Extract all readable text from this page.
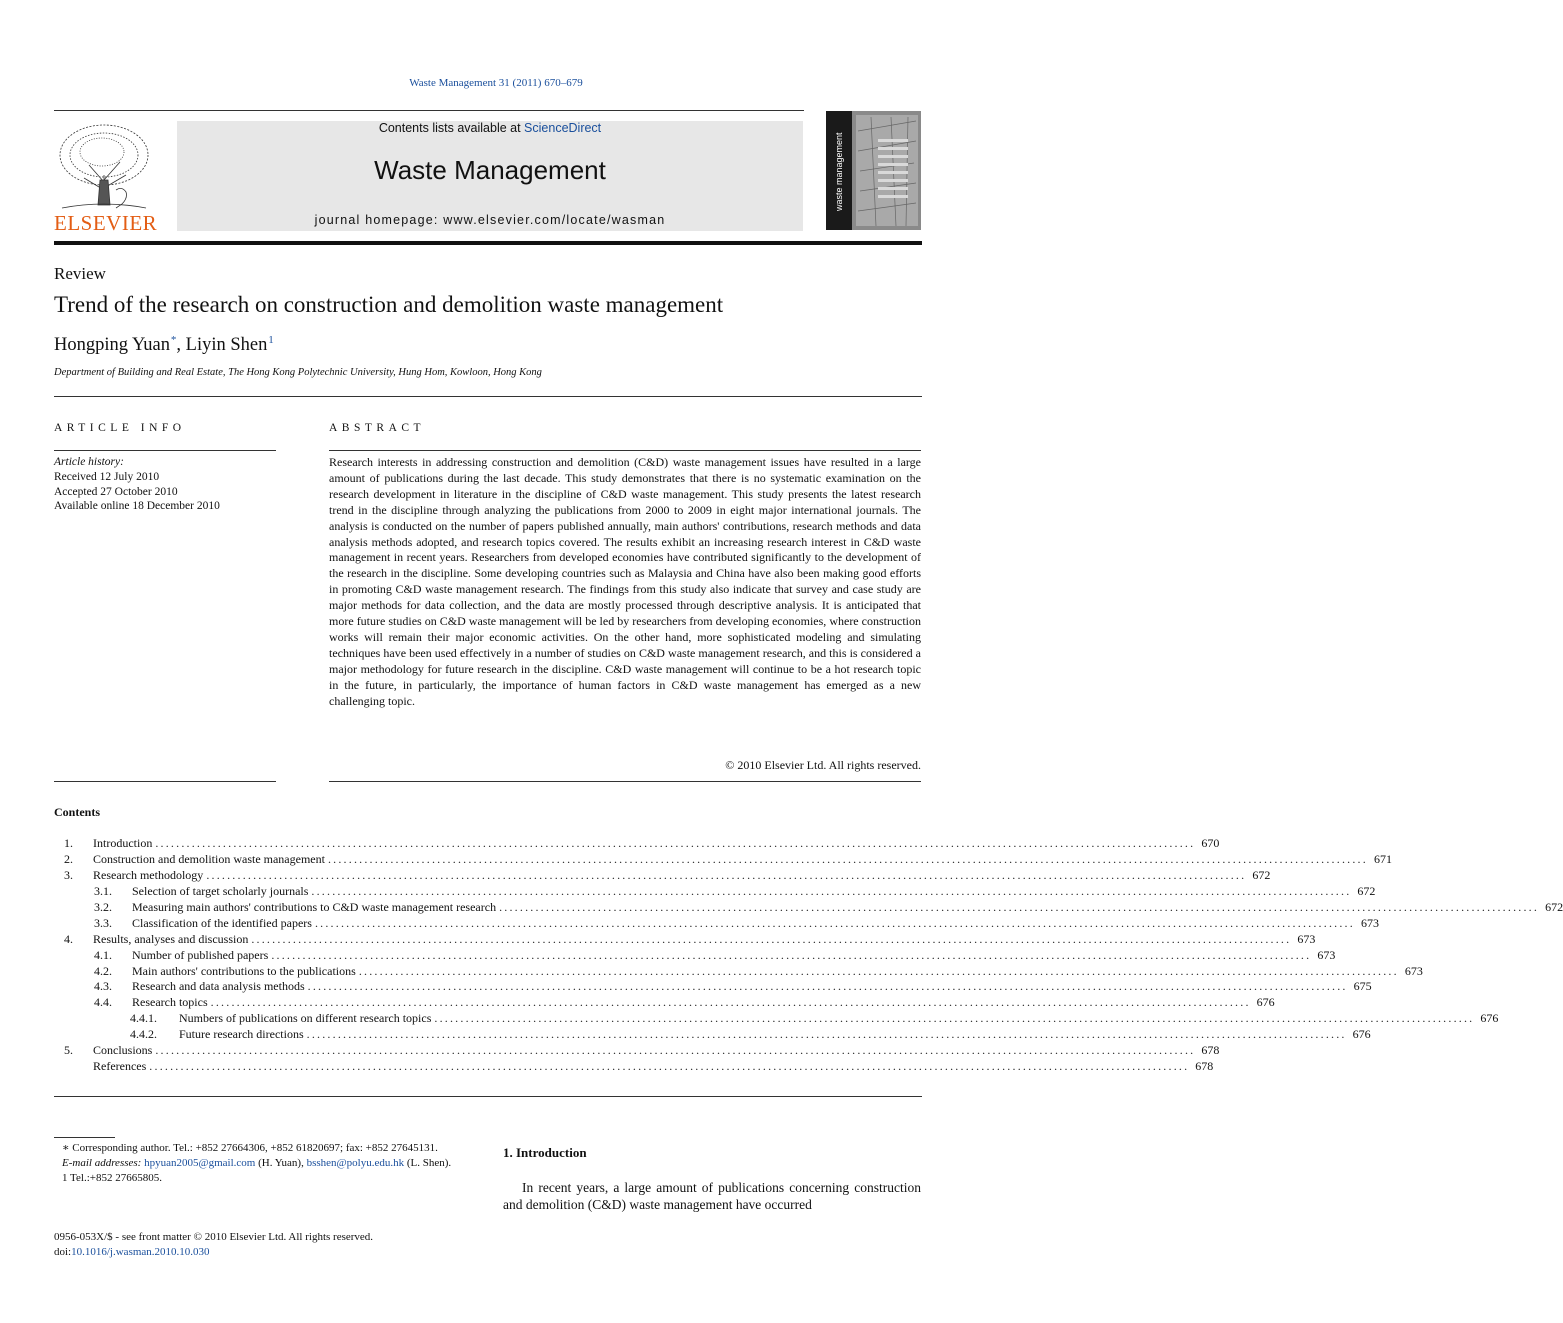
Waste Management 31 (2011) 670–679
ELSEVIER
Contents lists available at ScienceDirect
Waste Management
journal homepage: www.elsevier.com/locate/wasman
waste management
Review
Trend of the research on construction and demolition waste management
Hongping Yuan *, Liyin Shen $^1$
Department of Building and Real Estate, The Hong Kong Polytechnic University, Hung Hom, Kowloon, Hong Kong
ARTICLE INFO
Article history:
Received 12 July 2010
Accepted 27 October 2010
Available online 18 December 2010
ABSTRACT
Research interests in addressing construction and demolition (C&D) waste management issues have resulted in a large amount of publications during the last decade. This study demonstrates that there is no systematic examination on the research development in literature in the discipline of C&D waste management. This study presents the latest research trend in the discipline through analyzing the publications from 2000 to 2009 in eight major international journals. The analysis is conducted on the number of papers published annually, main authors' contributions, research methods and data analysis methods adopted, and research topics covered. The results exhibit an increasing research interest in C&D waste management in recent years. Researchers from developed economies have contributed significantly to the development of the research in the discipline. Some developing countries such as Malaysia and China have also been making good efforts in promoting C&D waste management research. The findings from this study also indicate that survey and case study are major methods for data collection, and the data are mostly processed through descriptive analysis. It is anticipated that more future studies on C&D waste management will be led by researchers from developing economies, where construction works will remain their major economic activities. On the other hand, more sophisticated modeling and simulating techniques have been used effectively in a number of studies on C&D waste management research, and this is considered a major methodology for future research in the discipline. C&D waste management will continue to be a hot research topic in the future, in particularly, the importance of human factors in C&D waste management has emerged as a new challenging topic.
© 2010 Elsevier Ltd. All rights reserved.
Contents
1. Introduction ........................................................................................................................................................................................................ 670
2. Construction and demolition waste management ........................................................................................................................................................................................................ 671
3. Research methodology ........................................................................................................................................................................................................ 672
3.1. Selection of target scholarly journals ........................................................................................................................................................................................................ 672
3.2. Measuring main authors' contributions to C&D waste management research ........................................................................................................................................................................................................ 672
3.3. Classification of the identified papers ........................................................................................................................................................................................................ 673
4. Results, analyses and discussion ........................................................................................................................................................................................................ 673
4.1. Number of published papers ........................................................................................................................................................................................................ 673
4.2. Main authors' contributions to the publications ........................................................................................................................................................................................................ 673
4.3. Research and data analysis methods ........................................................................................................................................................................................................ 675
4.4. Research topics ........................................................................................................................................................................................................ 676
4.4.1. Numbers of publications on different research topics ........................................................................................................................................................................................................ 676
4.4.2. Future research directions ........................................................................................................................................................................................................ 676
5. Conclusions ........................................................................................................................................................................................................ 678
References ........................................................................................................................................................................................................ 678
∗ Corresponding author. Tel.: +852 27664306, +852 61820697; fax: +852 27645131.
E-mail addresses: hpyuan2005@gmail.com (H. Yuan), bsshen@polyu.edu.hk (L. Shen).
1 Tel.:+852 27665805.
0956-053X/$ - see front matter © 2010 Elsevier Ltd. All rights reserved.
doi:10.1016/j.wasman.2010.10.030
1. Introduction
In recent years, a large amount of publications concerning construction and demolition (C&D) waste management have occurred
